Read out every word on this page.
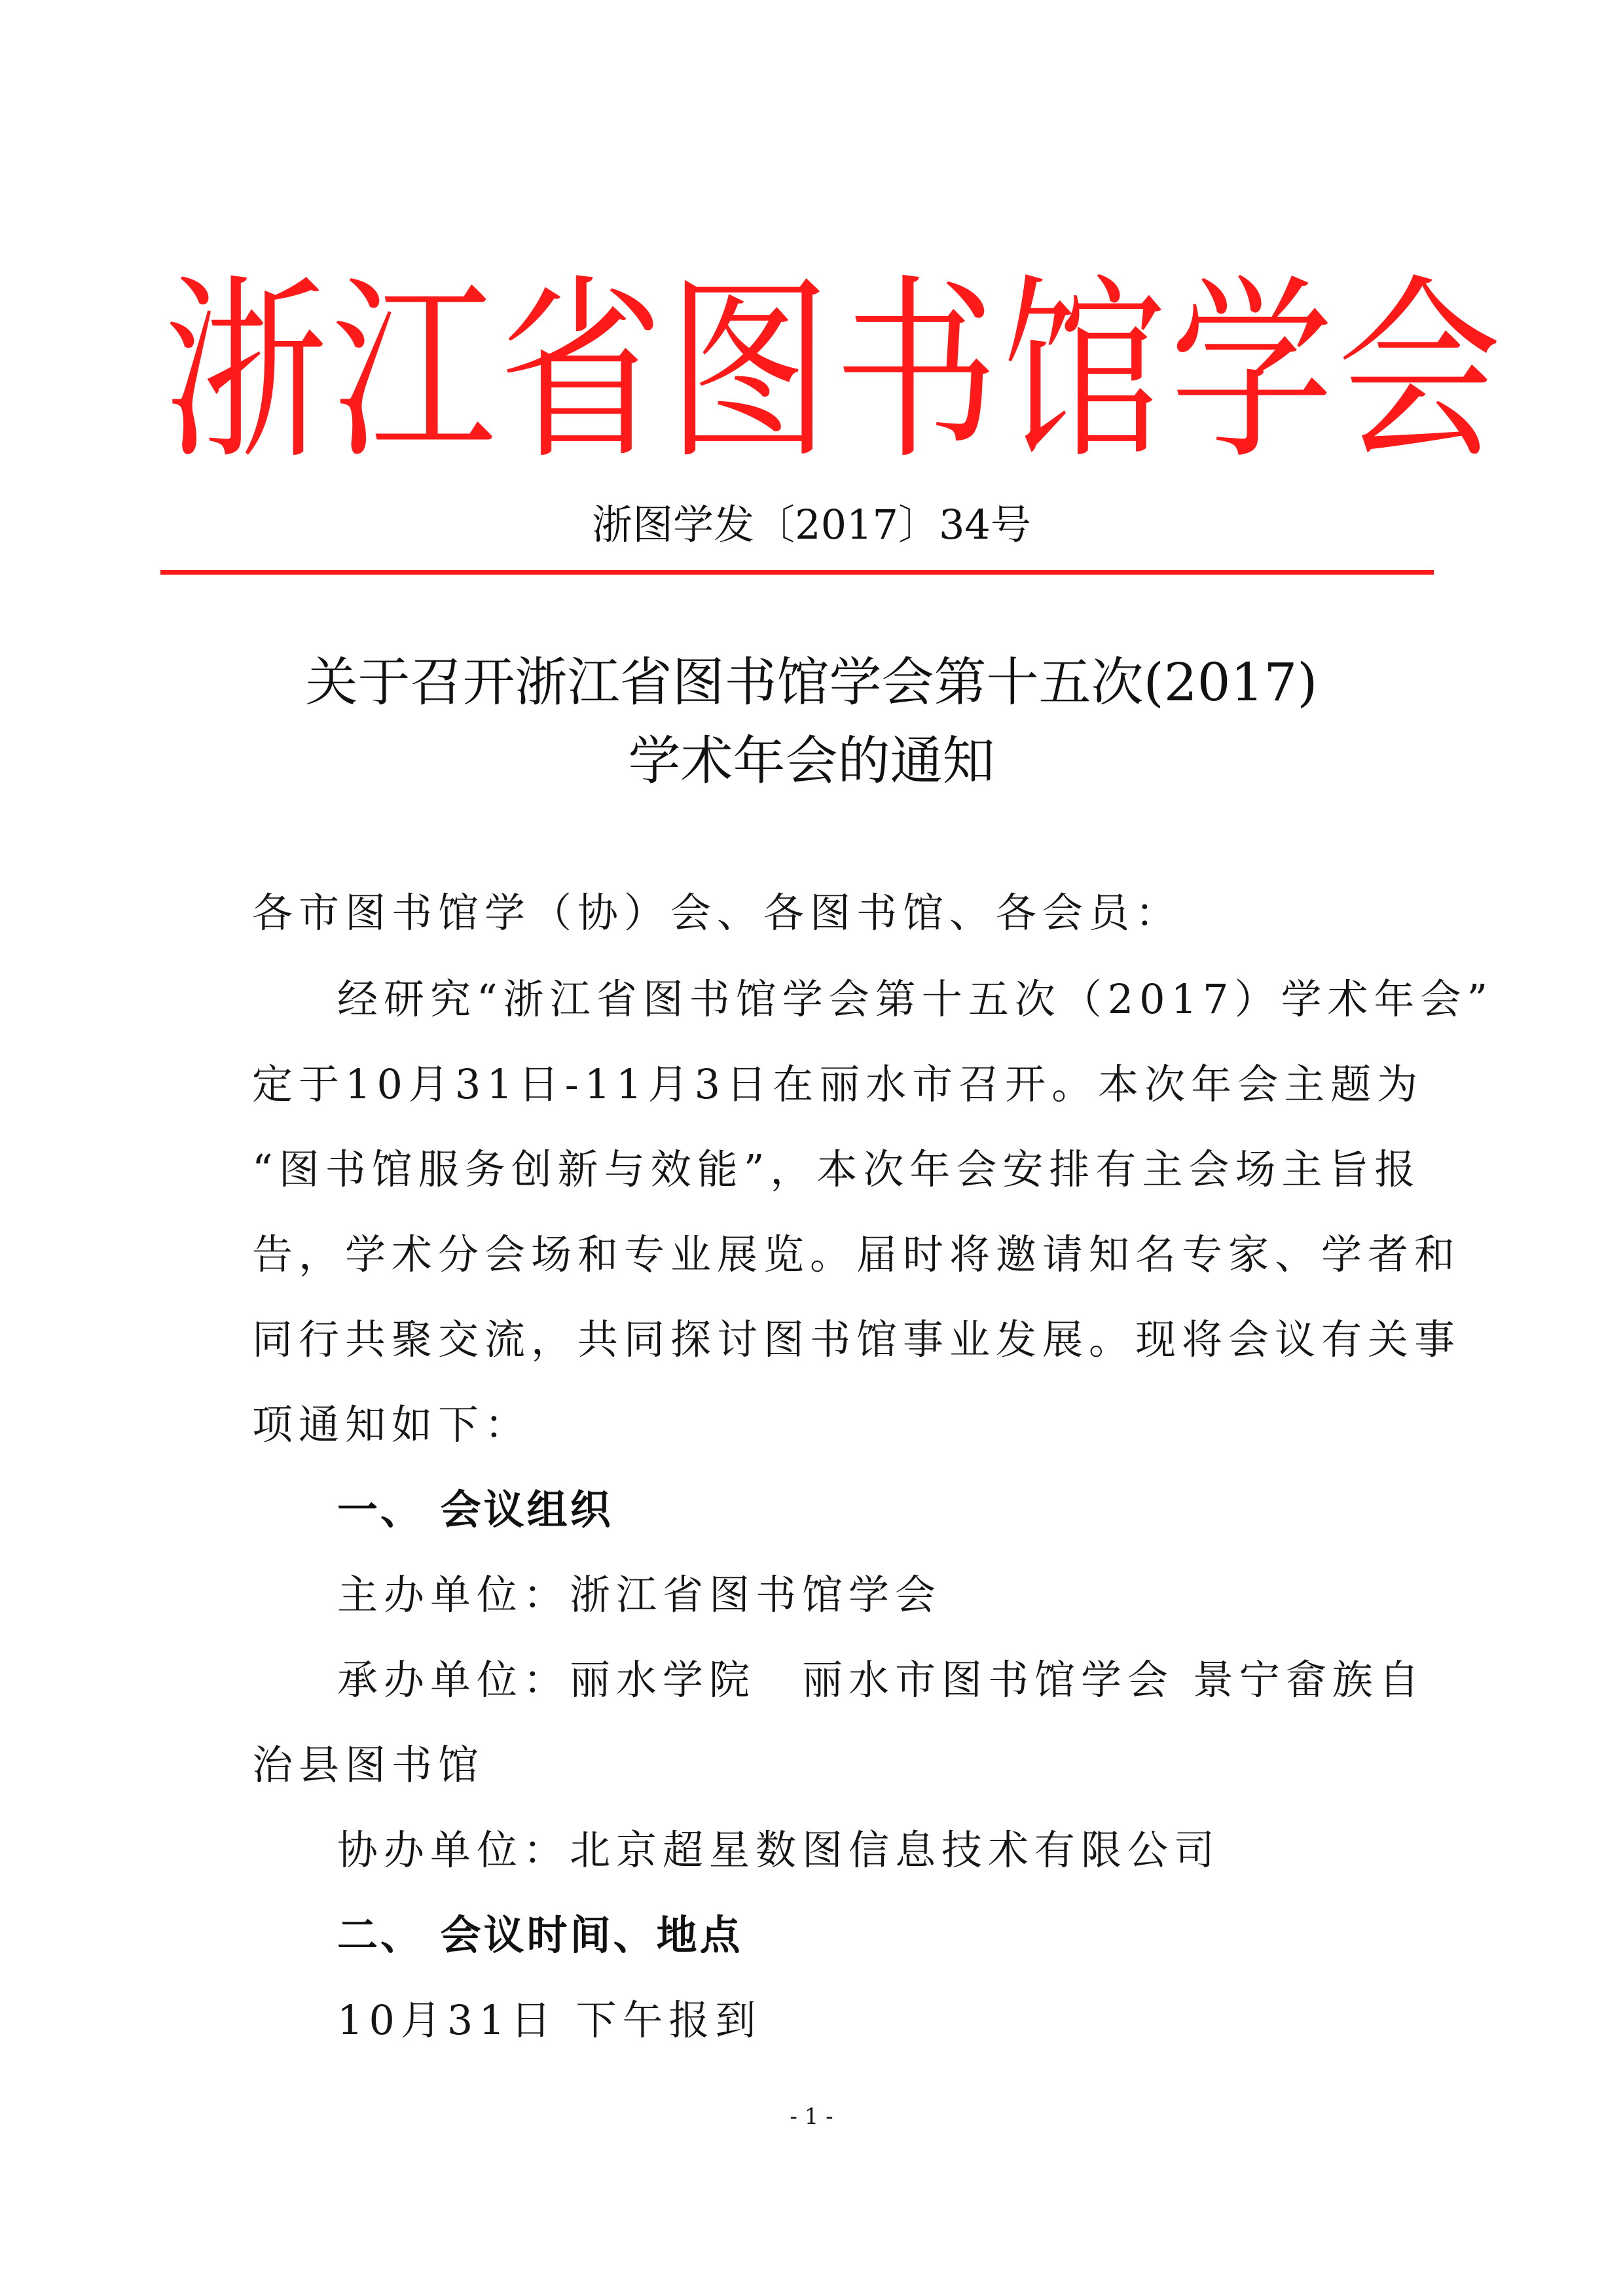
浙江省图书馆学会
浙图学发〔2017〕34号
关于召开浙江省图书馆学会第十五次(2017)
学术年会的通知
各市图书馆学（协）会、各图书馆、各会员：
经研究“浙江省图书馆学会第十五次（2017）学术年会”
定于10月31日-11月3日在丽水市召开。本次年会主题为
“图书馆服务创新与效能”，本次年会安排有主会场主旨报
告，学术分会场和专业展览。届时将邀请知名专家、学者和
同行共聚交流，共同探讨图书馆事业发展。现将会议有关事
项通知如下：
一、 会议组织
主办单位：浙江省图书馆学会
承办单位：丽水学院　丽水市图书馆学会 景宁畲族自
治县图书馆
协办单位：北京超星数图信息技术有限公司
二、 会议时间、地点
10月31日 下午报到
- 1 -
